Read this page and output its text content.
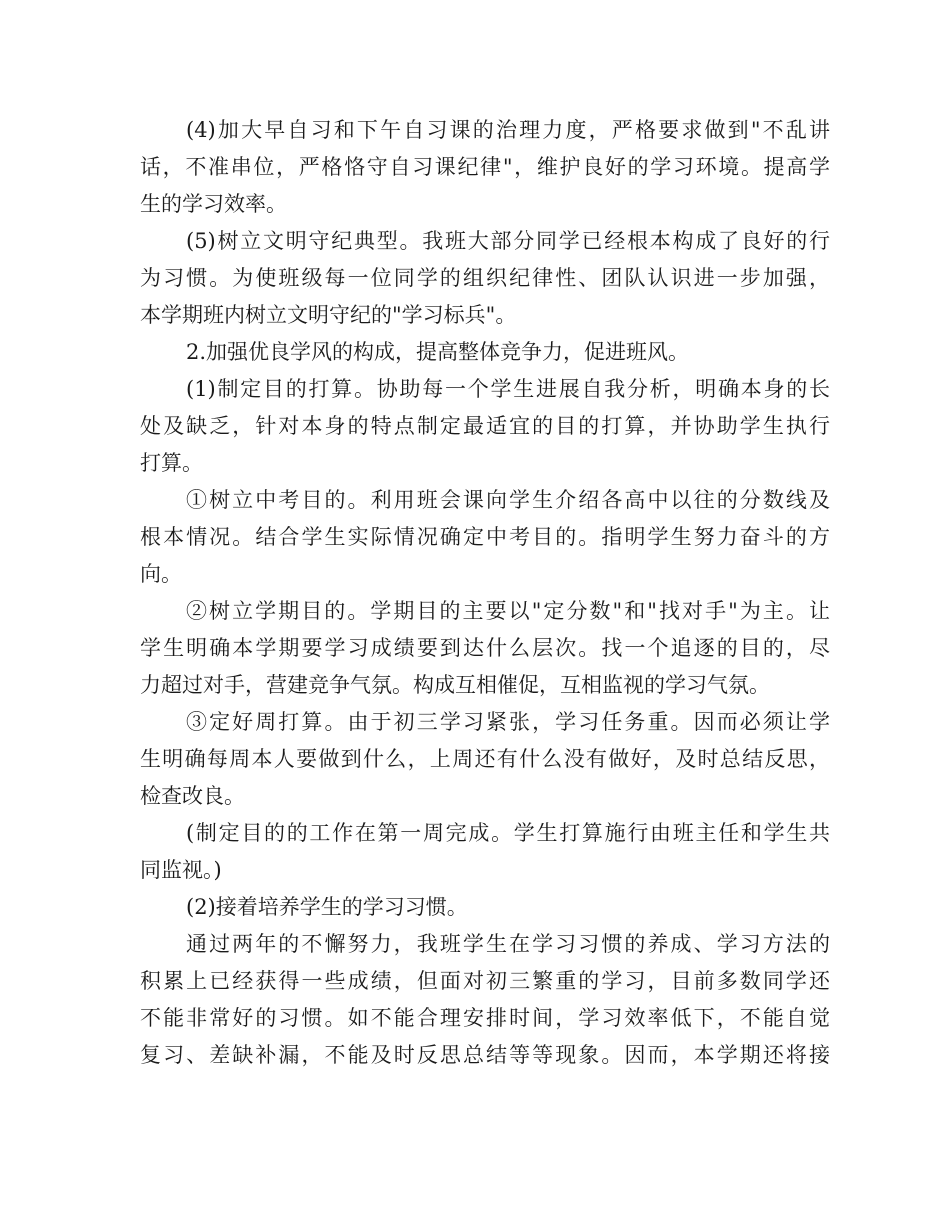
(4)加大早自习和下午自习课的治理力度，严格要求做到"不乱讲
话，不准串位，严格恪守自习课纪律"，维护良好的学习环境。提高学
生的学习效率。
(5)树立文明守纪典型。我班大部分同学已经根本构成了良好的行
为习惯。为使班级每一位同学的组织纪律性、团队认识进一步加强，
本学期班内树立文明守纪的"学习标兵"。
2.加强优良学风的构成，提高整体竞争力，促进班风。
(1)制定目的打算。协助每一个学生进展自我分析，明确本身的长
处及缺乏，针对本身的特点制定最适宜的目的打算，并协助学生执行
打算。
①树立中考目的。利用班会课向学生介绍各高中以往的分数线及
根本情况。结合学生实际情况确定中考目的。指明学生努力奋斗的方
向。
②树立学期目的。学期目的主要以"定分数"和"找对手"为主。让
学生明确本学期要学习成绩要到达什么层次。找一个追逐的目的，尽
力超过对手，营建竞争气氛。构成互相催促，互相监视的学习气氛。
③定好周打算。由于初三学习紧张，学习任务重。因而必须让学
生明确每周本人要做到什么，上周还有什么没有做好，及时总结反思，
检查改良。
(制定目的的工作在第一周完成。学生打算施行由班主任和学生共
同监视。)
(2)接着培养学生的学习习惯。
通过两年的不懈努力，我班学生在学习习惯的养成、学习方法的
积累上已经获得一些成绩，但面对初三繁重的学习，目前多数同学还
不能非常好的习惯。如不能合理安排时间，学习效率低下，不能自觉
复习、差缺补漏，不能及时反思总结等等现象。因而，本学期还将接
